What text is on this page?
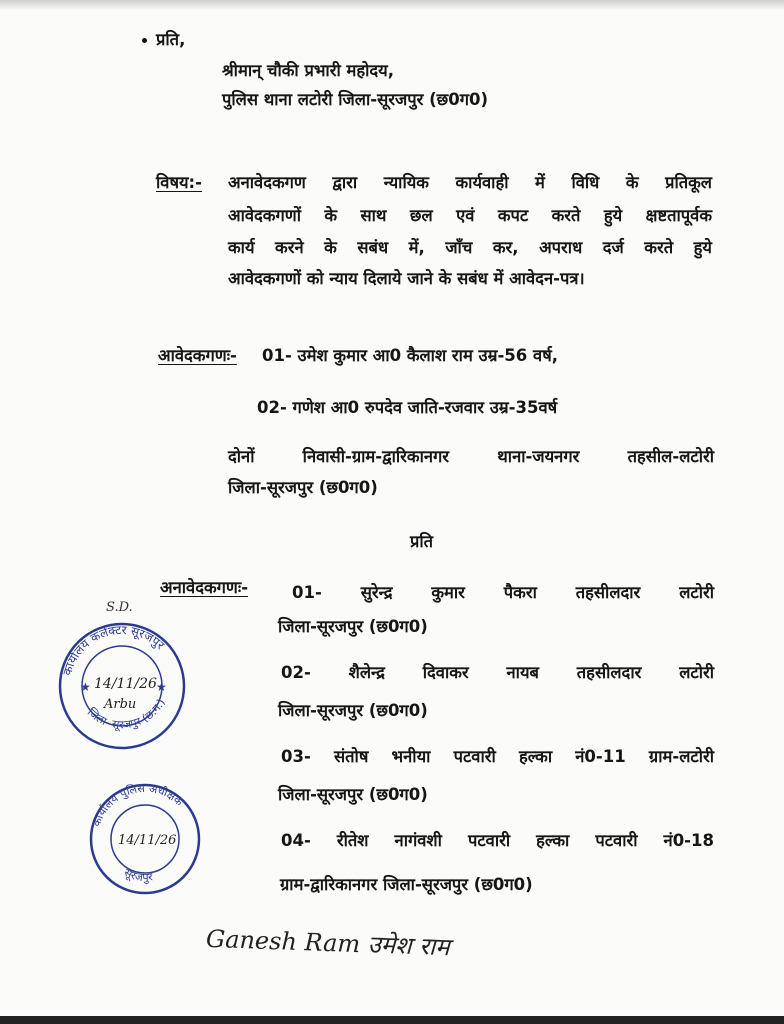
प्रति,
श्रीमान् चौकी प्रभारी महोदय,
पुलिस थाना लटोरी जिला-सूरजपुर (छ0ग0)
विषय:- अनावेदकगण द्वारा न्यायिक कार्यवाही में विधि के प्रतिकूल
आवेदकगणों के साथ छल एवं कपट करते हुये क्षष्टतापूर्वक
कार्य करने के सबंध में, जाँच कर, अपराध दर्ज करते हुये
आवेदकगणों को न्याय दिलाये जाने के सबंध में आवेदन-पत्र।
आवेदकगणः- 01- उमेश कुमार आ0 कैलाश राम उम्र-56 वर्ष,
02- गणेश आ0 रुपदेव जाति-रजवार उम्र-35वर्ष
दोनों निवासी-ग्राम-द्वारिकानगर थाना-जयनगर तहसील-लटोरी
जिला-सूरजपुर (छ0ग0)
प्रति
अनावेदकगणः-	01- सुरेन्द्र कुमार पैकरा तहसीलदार लटोरी
जिला-सूरजपुर (छ0ग0)
02- शैलेन्द्र दिवाकर नायब तहसीलदार लटोरी
जिला-सूरजपुर (छ0ग0)
03- संतोष भनीया पटवारी हल्का नं0-11 ग्राम-लटोरी
जिला-सूरजपुर (छ0ग0)
04- रीतेश नागंवशी पटवारी हल्का पटवारी नं0-18
ग्राम-द्वारिकानगर जिला-सूरजपुर (छ0ग0)
S.D.
कार्यालय कलेक्टर सूरजपुर
जिला- सूरजपुर (छ.ग.)
★	★
14/11/26
Arbu
कार्यालय पुलिस अधीक्षक
सूरजपुर
14/11/26
Ganesh Ram उमेश राम
